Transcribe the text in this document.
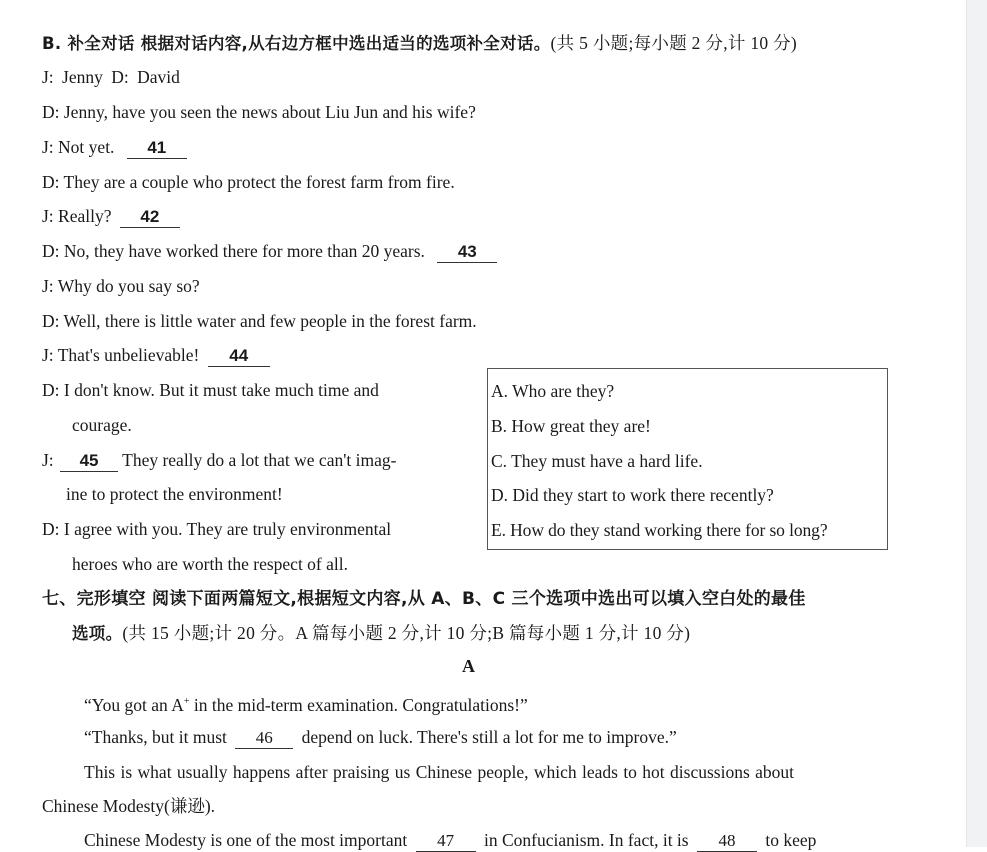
B. 补全对话 根据对话内容,从右边方框中选出适当的选项补全对话。(共 5 小题;每小题 2 分,计 10 分)
J: Jenny D: David
D: Jenny, have you seen the news about Liu Jun and his wife?
J: Not yet. 41
D: They are a couple who protect the forest farm from fire.
J: Really? 42
D: No, they have worked there for more than 20 years. 43
J: Why do you say so?
D: Well, there is little water and few people in the forest farm.
J: That's unbelievable! 44
D: I don't know. But it must take much time and
courage.
J: 45 They really do a lot that we can't imag-
ine to protect the environment!
D: I agree with you. They are truly environmental
heroes who are worth the respect of all.
A. Who are they?
B. How great they are!
C. They must have a hard life.
D. Did they start to work there recently?
E. How do they stand working there for so long?
七、完形填空 阅读下面两篇短文,根据短文内容,从 A、B、C 三个选项中选出可以填入空白处的最佳
选项。(共 15 小题;计 20 分。A 篇每小题 2 分,计 10 分;B 篇每小题 1 分,计 10 分)
A
“You got an A+ in the mid-term examination. Congratulations!”
“Thanks, but it must 46 depend on luck. There's still a lot for me to improve.”
This is what usually happens after praising us Chinese people, which leads to hot discussions about
Chinese Modesty(谦逊).
Chinese Modesty is one of the most important 47 in Confucianism. In fact, it is 48 to keep
